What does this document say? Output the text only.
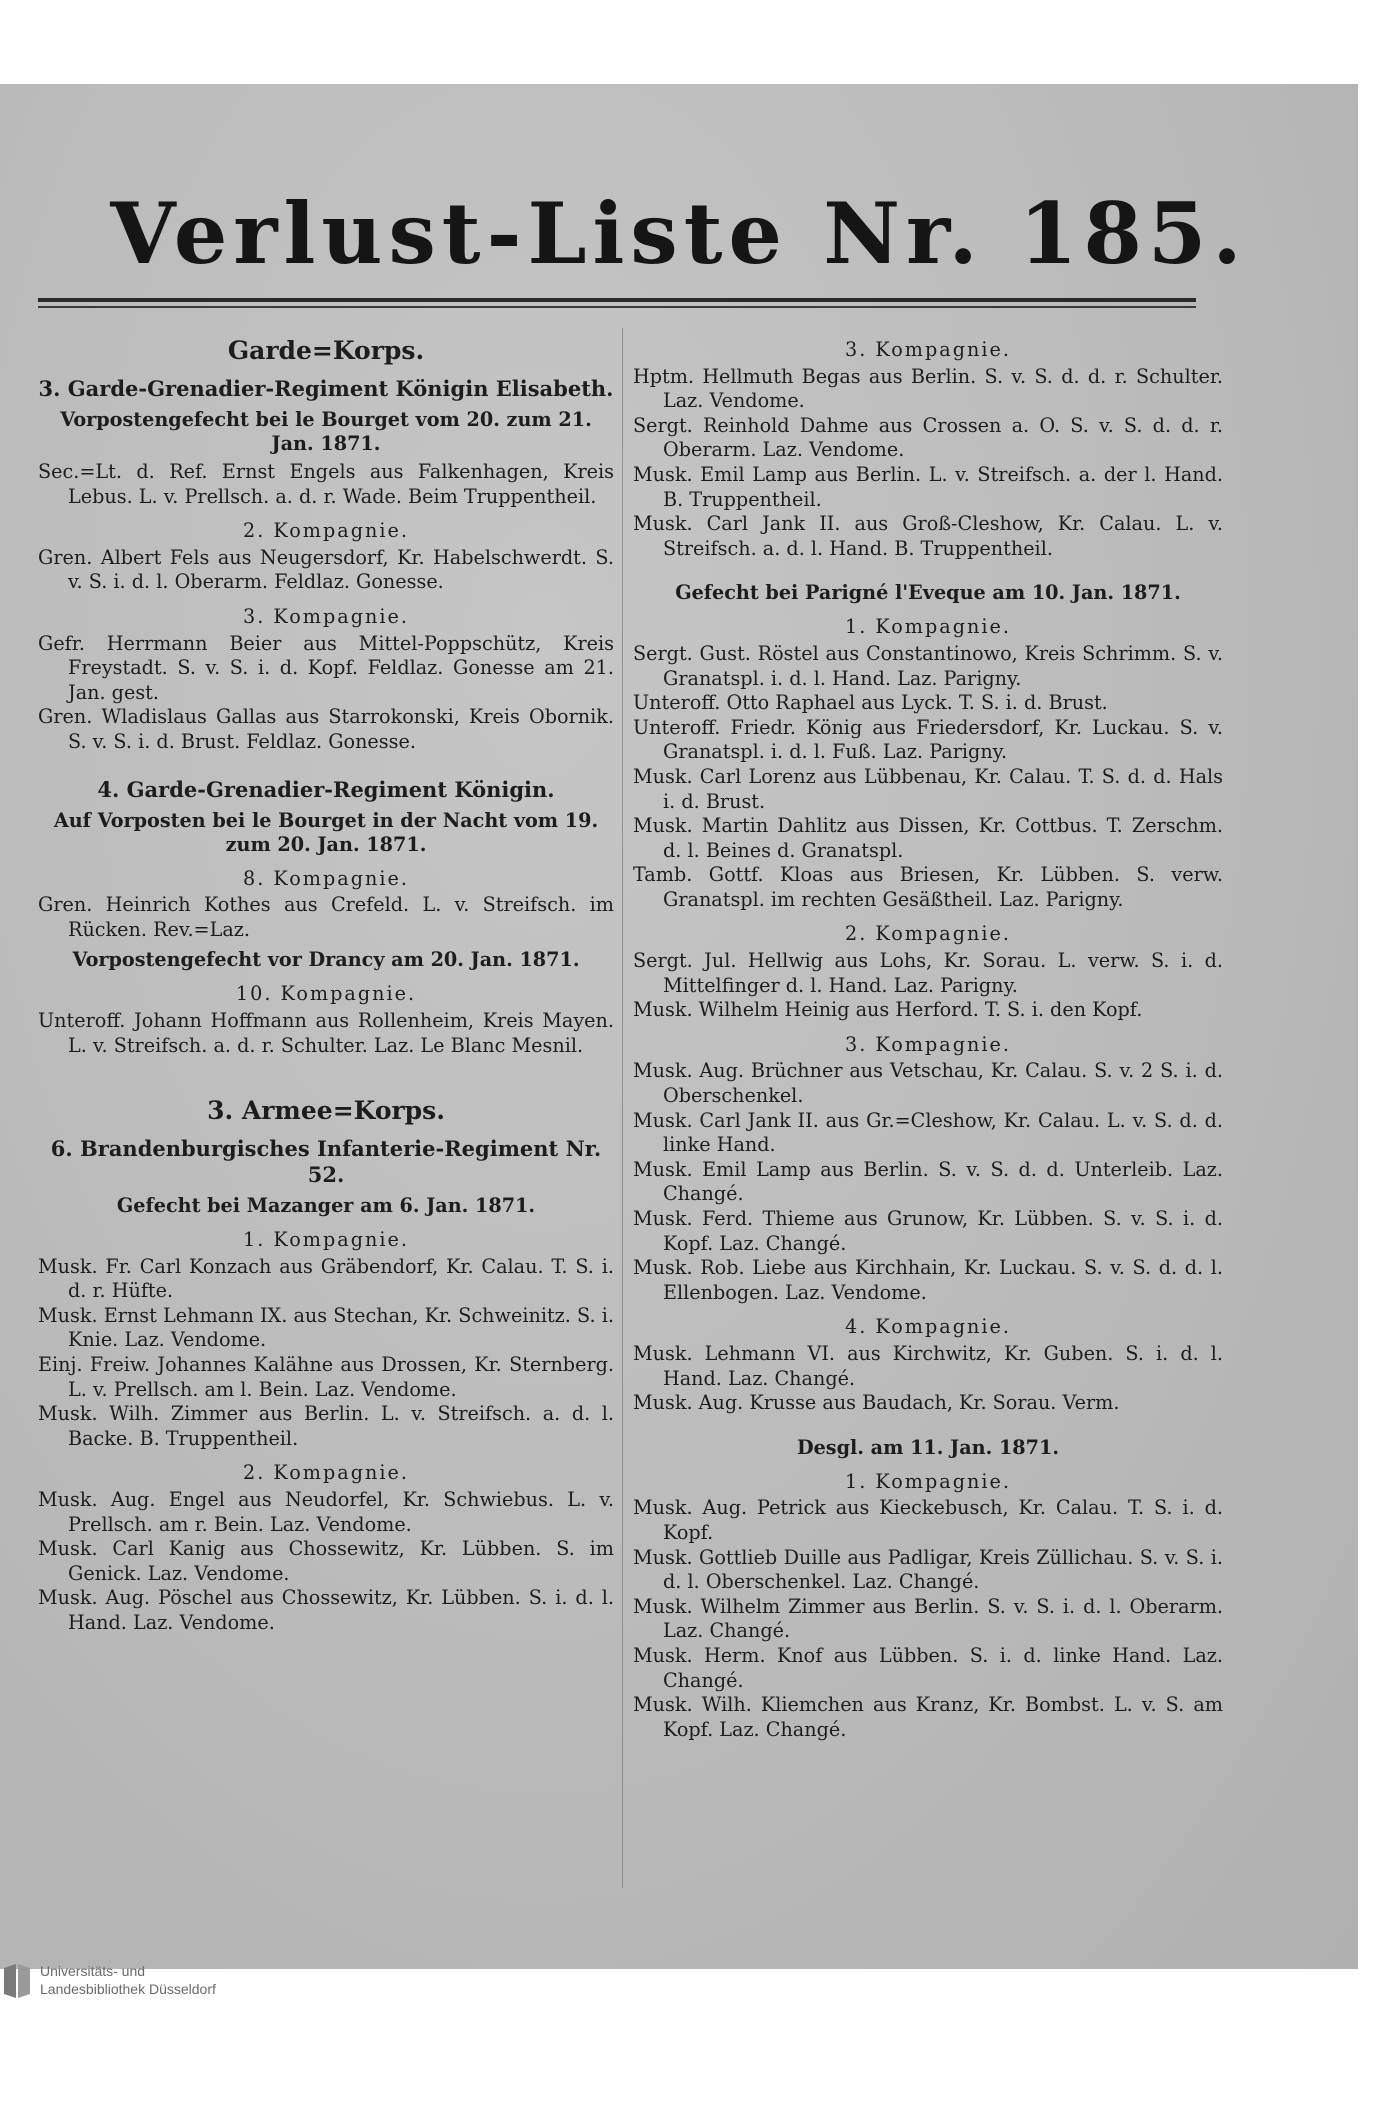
Verlust-Liste Nr. 185.
Garde=Korps.
3. Garde-Grenadier-Regiment Königin Elisabeth.
Vorpostengefecht bei le Bourget vom 20. zum 21. Jan. 1871.
Sec.=Lt. d. Ref. Ernst Engels aus Falkenhagen, Kreis Lebus. L. v. Prellsch. a. d. r. Wade. Beim Truppentheil.
2. Kompagnie.
Gren. Albert Fels aus Neugersdorf, Kr. Habelschwerdt. S. v. S. i. d. l. Oberarm. Feldlaz. Gonesse.
3. Kompagnie.
Gefr. Herrmann Beier aus Mittel-Poppschütz, Kreis Freystadt. S. v. S. i. d. Kopf. Feldlaz. Gonesse am 21. Jan. gest.
Gren. Wladislaus Gallas aus Starrokonski, Kreis Obornik. S. v. S. i. d. Brust. Feldlaz. Gonesse.
4. Garde-Grenadier-Regiment Königin.
Auf Vorposten bei le Bourget in der Nacht vom 19. zum 20. Jan. 1871.
8. Kompagnie.
Gren. Heinrich Kothes aus Crefeld. L. v. Streifsch. im Rücken. Rev.=Laz.
Vorpostengefecht vor Drancy am 20. Jan. 1871.
10. Kompagnie.
Unteroff. Johann Hoffmann aus Rollenheim, Kreis Mayen. L. v. Streifsch. a. d. r. Schulter. Laz. Le Blanc Mesnil.
3. Armee=Korps.
6. Brandenburgisches Infanterie-Regiment Nr. 52.
Gefecht bei Mazanger am 6. Jan. 1871.
1. Kompagnie.
Musk. Fr. Carl Konzach aus Gräbendorf, Kr. Calau. T. S. i. d. r. Hüfte.
Musk. Ernst Lehmann IX. aus Stechan, Kr. Schweinitz. S. i. Knie. Laz. Vendome.
Einj. Freiw. Johannes Kalähne aus Drossen, Kr. Sternberg. L. v. Prellsch. am l. Bein. Laz. Vendome.
Musk. Wilh. Zimmer aus Berlin. L. v. Streifsch. a. d. l. Backe. B. Truppentheil.
2. Kompagnie.
Musk. Aug. Engel aus Neudorfel, Kr. Schwiebus. L. v. Prellsch. am r. Bein. Laz. Vendome.
Musk. Carl Kanig aus Chossewitz, Kr. Lübben. S. im Genick. Laz. Vendome.
Musk. Aug. Pöschel aus Chossewitz, Kr. Lübben. S. i. d. l. Hand. Laz. Vendome.
3. Kompagnie.
Hptm. Hellmuth Begas aus Berlin. S. v. S. d. d. r. Schulter. Laz. Vendome.
Sergt. Reinhold Dahme aus Crossen a. O. S. v. S. d. d. r. Oberarm. Laz. Vendome.
Musk. Emil Lamp aus Berlin. L. v. Streifsch. a. der l. Hand. B. Truppentheil.
Musk. Carl Jank II. aus Groß-Cleshow, Kr. Calau. L. v. Streifsch. a. d. l. Hand. B. Truppentheil.
Gefecht bei Parigné l'Eveque am 10. Jan. 1871.
1. Kompagnie.
Sergt. Gust. Röstel aus Constantinowo, Kreis Schrimm. S. v. Granatspl. i. d. l. Hand. Laz. Parigny.
Unteroff. Otto Raphael aus Lyck. T. S. i. d. Brust.
Unteroff. Friedr. König aus Friedersdorf, Kr. Luckau. S. v. Granatspl. i. d. l. Fuß. Laz. Parigny.
Musk. Carl Lorenz aus Lübbenau, Kr. Calau. T. S. d. d. Hals i. d. Brust.
Musk. Martin Dahlitz aus Dissen, Kr. Cottbus. T. Zerschm. d. l. Beines d. Granatspl.
Tamb. Gottf. Kloas aus Briesen, Kr. Lübben. S. verw. Granatspl. im rechten Gesäßtheil. Laz. Parigny.
2. Kompagnie.
Sergt. Jul. Hellwig aus Lohs, Kr. Sorau. L. verw. S. i. d. Mittelfinger d. l. Hand. Laz. Parigny.
Musk. Wilhelm Heinig aus Herford. T. S. i. den Kopf.
3. Kompagnie.
Musk. Aug. Brüchner aus Vetschau, Kr. Calau. S. v. 2 S. i. d. Oberschenkel.
Musk. Carl Jank II. aus Gr.=Cleshow, Kr. Calau. L. v. S. d. d. linke Hand.
Musk. Emil Lamp aus Berlin. S. v. S. d. d. Unterleib. Laz. Changé.
Musk. Ferd. Thieme aus Grunow, Kr. Lübben. S. v. S. i. d. Kopf. Laz. Changé.
Musk. Rob. Liebe aus Kirchhain, Kr. Luckau. S. v. S. d. d. l. Ellenbogen. Laz. Vendome.
4. Kompagnie.
Musk. Lehmann VI. aus Kirchwitz, Kr. Guben. S. i. d. l. Hand. Laz. Changé.
Musk. Aug. Krusse aus Baudach, Kr. Sorau. Verm.
Desgl. am 11. Jan. 1871.
1. Kompagnie.
Musk. Aug. Petrick aus Kieckebusch, Kr. Calau. T. S. i. d. Kopf.
Musk. Gottlieb Duille aus Padligar, Kreis Züllichau. S. v. S. i. d. l. Oberschenkel. Laz. Changé.
Musk. Wilhelm Zimmer aus Berlin. S. v. S. i. d. l. Oberarm. Laz. Changé.
Musk. Herm. Knof aus Lübben. S. i. d. linke Hand. Laz. Changé.
Musk. Wilh. Kliemchen aus Kranz, Kr. Bombst. L. v. S. am Kopf. Laz. Changé.
Universitäts- und
Landesbibliothek Düsseldorf
